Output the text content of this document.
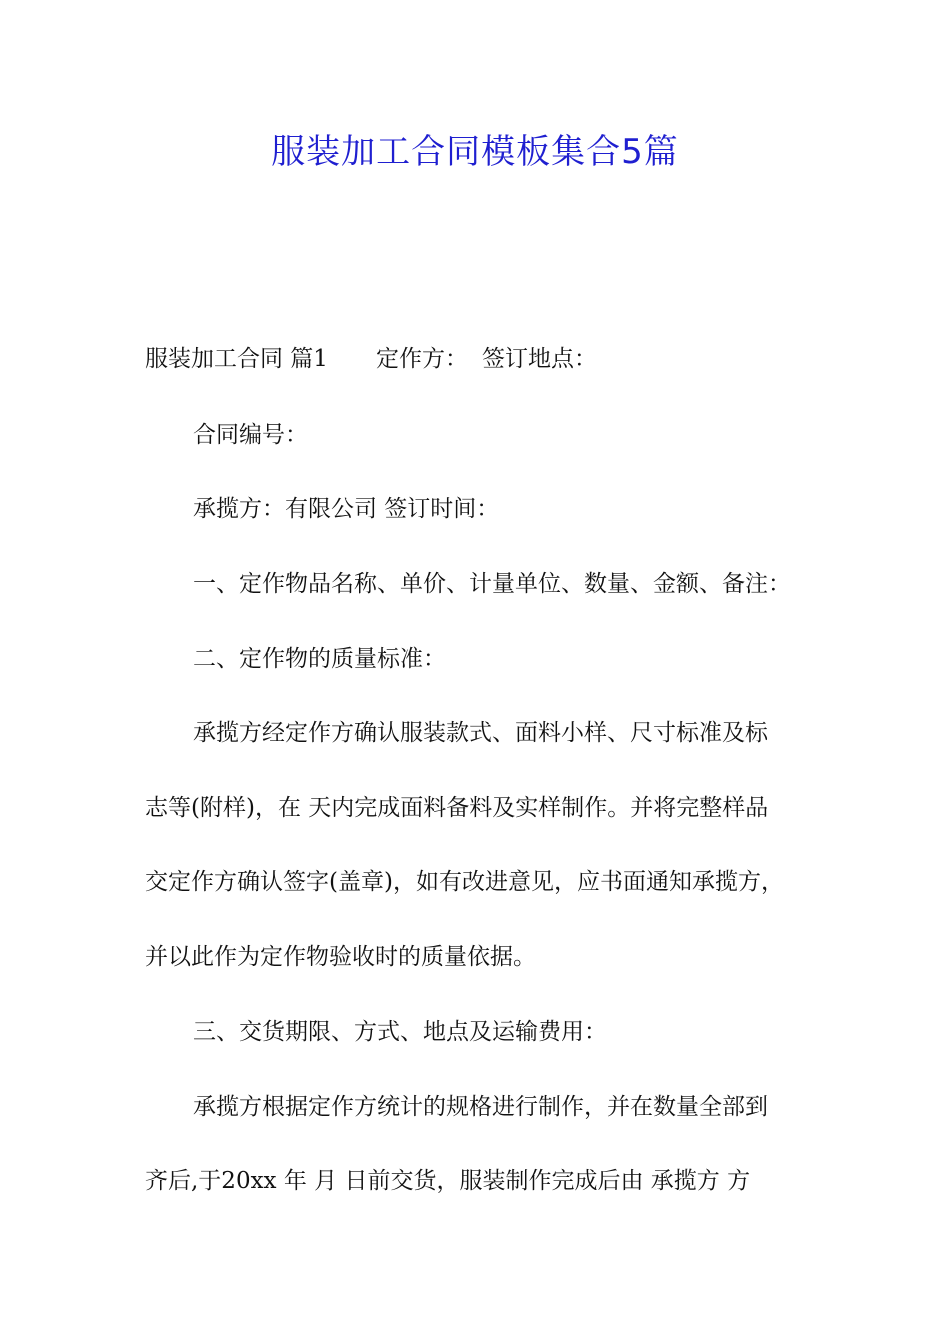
服装加工合同模板集合5篇
服装加工合同 篇1 定作方： 签订地点：
合同编号：
承揽方：有限公司 签订时间：
一、定作物品名称、单价、计量单位、数量、金额、备注：
二、定作物的质量标准：
承揽方经定作方确认服装款式、面料小样、尺寸标准及标
志等(附样)，在 天内完成面料备料及实样制作。并将完整样品
交定作方确认签字(盖章)，如有改进意见，应书面通知承揽方，
并以此作为定作物验收时的质量依据。
三、交货期限、方式、地点及运输费用：
承揽方根据定作方统计的规格进行制作，并在数量全部到
齐后,于20xx 年 月 日前交货，服装制作完成后由 承揽方 方
